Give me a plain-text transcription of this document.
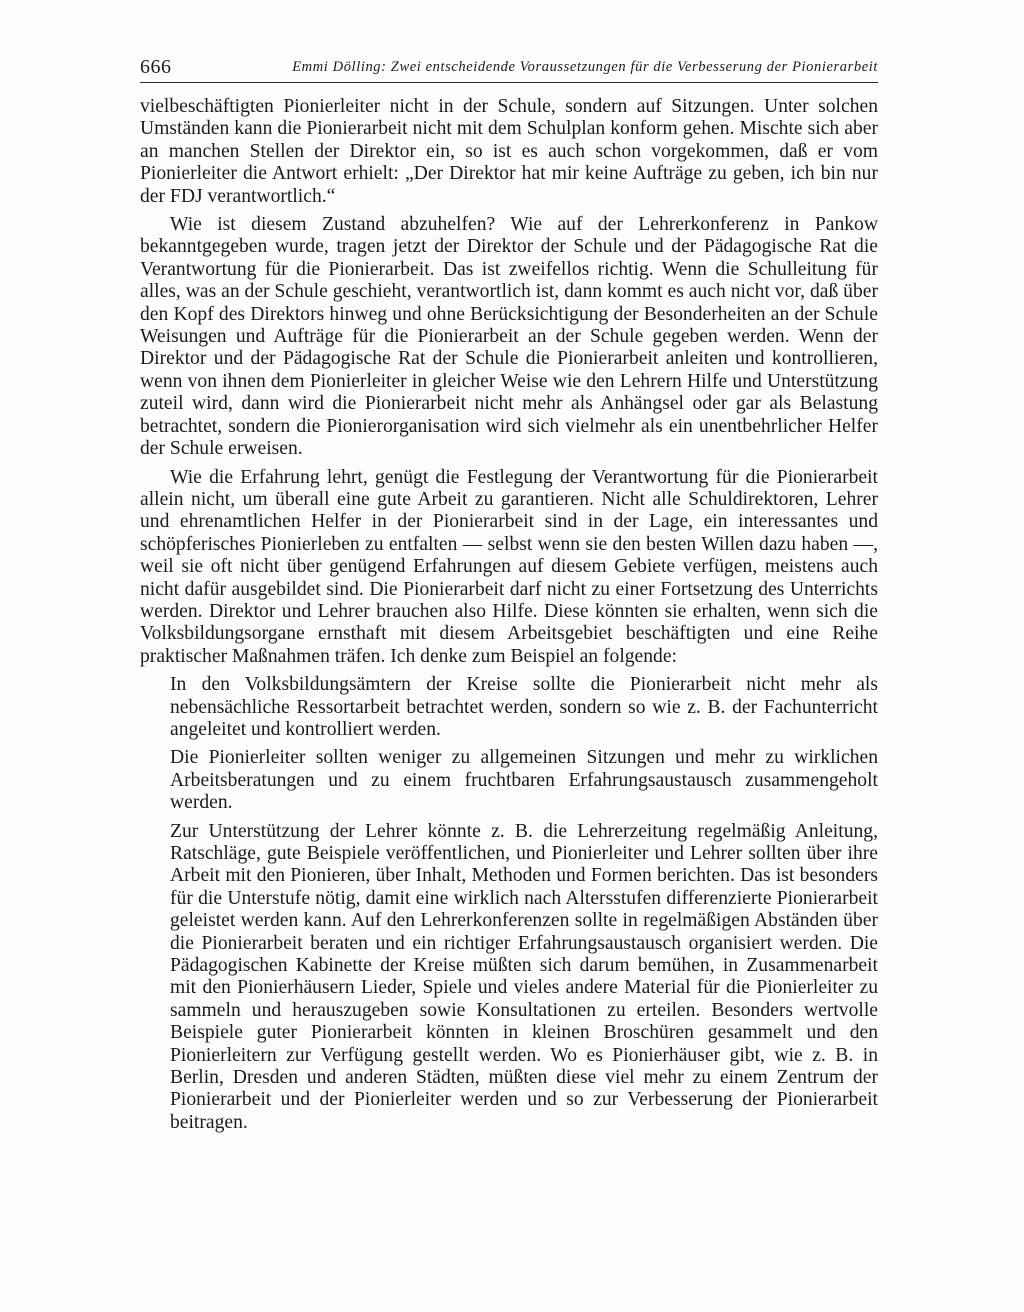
666	Emmi Dölling: Zwei entscheidende Voraussetzungen für die Verbesserung der Pionierarbeit

vielbeschäftigten Pionierleiter nicht in der Schule, sondern auf Sitzungen. Unter solchen Umständen kann die Pionierarbeit nicht mit dem Schulplan konform gehen. Mischte sich aber an manchen Stellen der Direktor ein, so ist es auch schon vorgekommen, daß er vom Pionierleiter die Antwort erhielt: „Der Direktor hat mir keine Aufträge zu geben, ich bin nur der FDJ verantwortlich.“

Wie ist diesem Zustand abzuhelfen? Wie auf der Lehrerkonferenz in Pankow bekanntgegeben wurde, tragen jetzt der Direktor der Schule und der Pädagogische Rat die Verantwortung für die Pionierarbeit. Das ist zweifellos richtig. Wenn die Schulleitung für alles, was an der Schule geschieht, verantwortlich ist, dann kommt es auch nicht vor, daß über den Kopf des Direktors hinweg und ohne Berücksichtigung der Besonderheiten an der Schule Weisungen und Aufträge für die Pionierarbeit an der Schule gegeben werden. Wenn der Direktor und der Pädagogische Rat der Schule die Pionierarbeit anleiten und kontrollieren, wenn von ihnen dem Pionierleiter in gleicher Weise wie den Lehrern Hilfe und Unterstützung zuteil wird, dann wird die Pionierarbeit nicht mehr als Anhängsel oder gar als Belastung betrachtet, sondern die Pionierorganisation wird sich vielmehr als ein unentbehrlicher Helfer der Schule erweisen.

Wie die Erfahrung lehrt, genügt die Festlegung der Verantwortung für die Pionierarbeit allein nicht, um überall eine gute Arbeit zu garantieren. Nicht alle Schuldirektoren, Lehrer und ehrenamtlichen Helfer in der Pionierarbeit sind in der Lage, ein interessantes und schöpferisches Pionierleben zu entfalten — selbst wenn sie den besten Willen dazu haben —, weil sie oft nicht über genügend Erfahrungen auf diesem Gebiete verfügen, meistens auch nicht dafür ausgebildet sind. Die Pionierarbeit darf nicht zu einer Fortsetzung des Unterrichts werden. Direktor und Lehrer brauchen also Hilfe. Diese könnten sie erhalten, wenn sich die Volksbildungsorgane ernsthaft mit diesem Arbeitsgebiet beschäftigten und eine Reihe praktischer Maßnahmen träfen. Ich denke zum Beispiel an folgende:

In den Volksbildungsämtern der Kreise sollte die Pionierarbeit nicht mehr als nebensächliche Ressortarbeit betrachtet werden, sondern so wie z. B. der Fachunterricht angeleitet und kontrolliert werden.

Die Pionierleiter sollten weniger zu allgemeinen Sitzungen und mehr zu wirklichen Arbeitsberatungen und zu einem fruchtbaren Erfahrungsaustausch zusammengeholt werden.

Zur Unterstützung der Lehrer könnte z. B. die Lehrerzeitung regelmäßig Anleitung, Ratschläge, gute Beispiele veröffentlichen, und Pionierleiter und Lehrer sollten über ihre Arbeit mit den Pionieren, über Inhalt, Methoden und Formen berichten. Das ist besonders für die Unterstufe nötig, damit eine wirklich nach Altersstufen differenzierte Pionierarbeit geleistet werden kann. Auf den Lehrerkonferenzen sollte in regelmäßigen Abständen über die Pionierarbeit beraten und ein richtiger Erfahrungsaustausch organisiert werden. Die Pädagogischen Kabinette der Kreise müßten sich darum bemühen, in Zusammenarbeit mit den Pionierhäusern Lieder, Spiele und vieles andere Material für die Pionierleiter zu sammeln und herauszugeben sowie Konsultationen zu erteilen. Besonders wertvolle Beispiele guter Pionierarbeit könnten in kleinen Broschüren gesammelt und den Pionierleitern zur Verfügung gestellt werden. Wo es Pionierhäuser gibt, wie z. B. in Berlin, Dresden und anderen Städten, müßten diese viel mehr zu einem Zentrum der Pionierarbeit und der Pionierleiter werden und so zur Verbesserung der Pionierarbeit beitragen.
